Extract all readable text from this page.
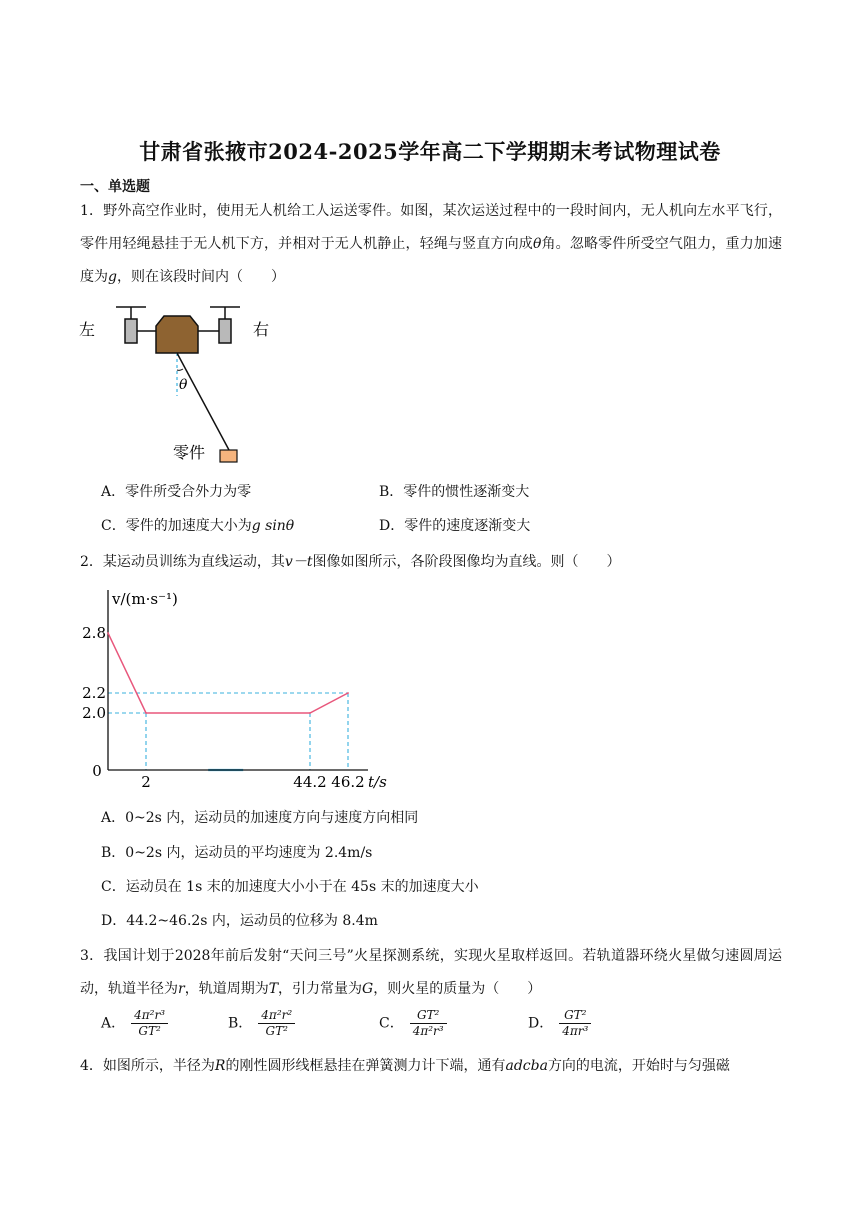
甘肃省张掖市2024-2025学年高二下学期期末考试物理试卷
一、单选题
1．野外高空作业时，使用无人机给工人运送零件。如图，某次运送过程中的一段时间内，无人机向左水平飞行，零件用轻绳悬挂于无人机下方，并相对于无人机静止，轻绳与竖直方向成θ角。忽略零件所受空气阻力，重力加速度为g，则在该段时间内（　　）
左	右
θ
零件
A．零件所受合外力为零	B．零件的惯性逐渐变大
C．零件的加速度大小为g sinθ	D．零件的速度逐渐变大
2．某运动员训练为直线运动，其v－t图像如图所示，各阶段图像均为直线。则（　　）
v/(m·s⁻¹)
t/s
0
2.8
2.2
2.0
2	44.2 46.2
A．0~2s 内，运动员的加速度方向与速度方向相同
B．0~2s 内，运动员的平均速度为 2.4m/s
C．运动员在 1s 末的加速度大小小于在 45s 末的加速度大小
D．44.2~46.2s 内，运动员的位移为 8.4m
3．我国计划于2028年前后发射“天问三号”火星探测系统，实现火星取样返回。若轨道器环绕火星做匀速圆周运动，轨道半径为r，轨道周期为T，引力常量为G，则火星的质量为（　　）
A． $\frac{\text{4π²r³}}{\text{GT²}}$	B． $\frac{\text{4π²r²}}{\text{GT²}}$	C． $\frac{\text{GT²}}{\text{4π²r³}}$	D． $\frac{\text{GT²}}{\text{4πr³}}$
4．如图所示，半径为R的刚性圆形线框悬挂在弹簧测力计下端，通有adcba方向的电流，开始时与匀强磁
